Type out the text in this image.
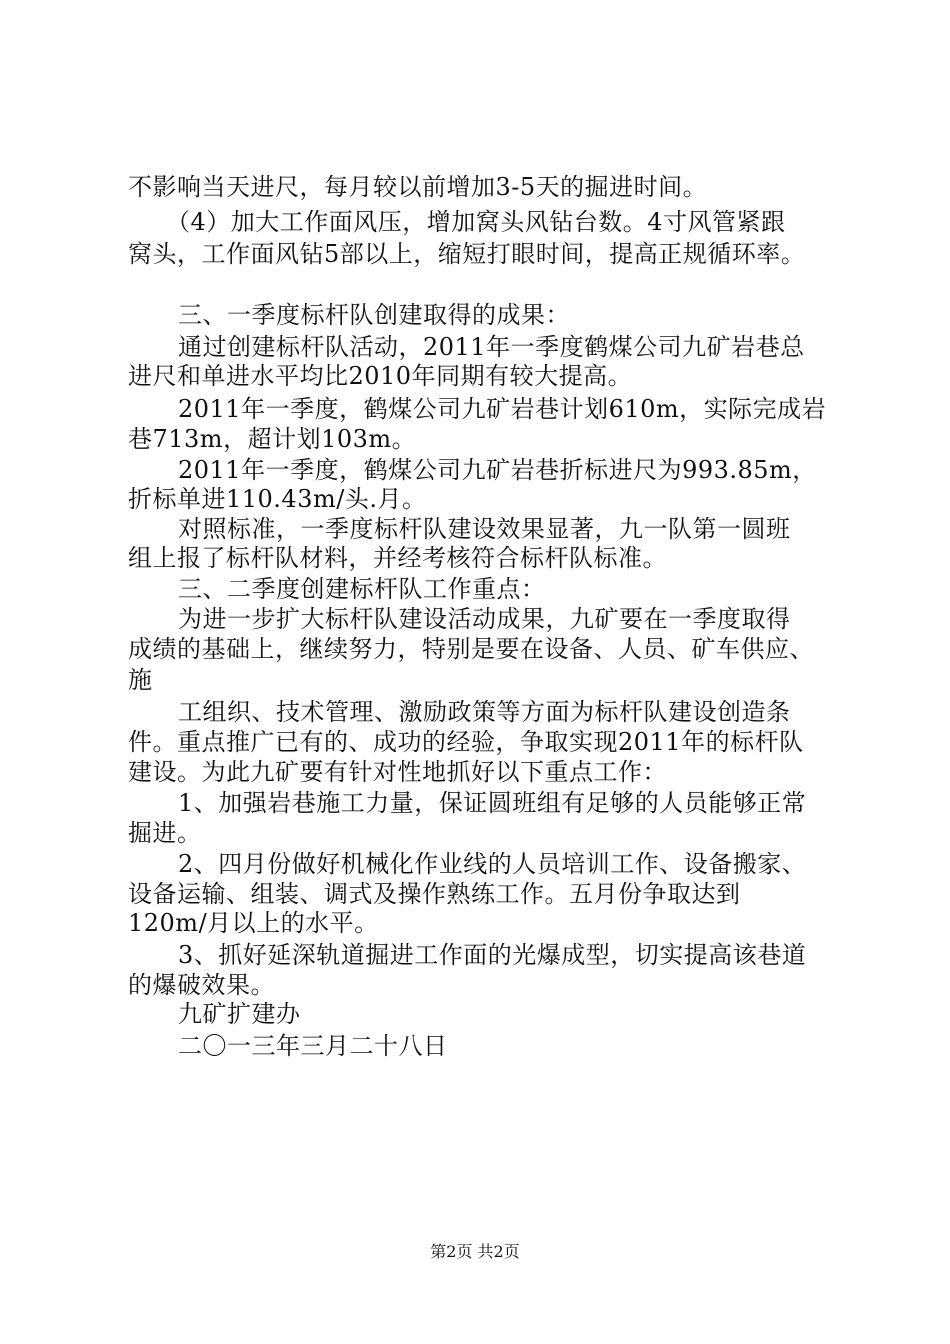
不影响当天进尺，每月较以前增加3-5天的掘进时间。
（4）加大工作面风压，增加窝头风钻台数。4寸风管紧跟
窝头，工作面风钻5部以上，缩短打眼时间，提高正规循环率。
三、一季度标杆队创建取得的成果：
通过创建标杆队活动，2011年一季度鹤煤公司九矿岩巷总
进尺和单进水平均比2010年同期有较大提高。
2011年一季度，鹤煤公司九矿岩巷计划610m，实际完成岩
巷713m，超计划103m。
2011年一季度，鹤煤公司九矿岩巷折标进尺为993.85m，
折标单进110.43m/头.月。
对照标准，一季度标杆队建设效果显著，九一队第一圆班
组上报了标杆队材料，并经考核符合标杆队标准。
三、二季度创建标杆队工作重点：
为进一步扩大标杆队建设活动成果，九矿要在一季度取得
成绩的基础上，继续努力，特别是要在设备、人员、矿车供应、
施
工组织、技术管理、激励政策等方面为标杆队建设创造条
件。重点推广已有的、成功的经验，争取实现2011年的标杆队
建设。为此九矿要有针对性地抓好以下重点工作：
1、加强岩巷施工力量，保证圆班组有足够的人员能够正常
掘进。
2、四月份做好机械化作业线的人员培训工作、设备搬家、
设备运输、组装、调式及操作熟练工作。五月份争取达到
120m/月以上的水平。
3、抓好延深轨道掘进工作面的光爆成型，切实提高该巷道
的爆破效果。
九矿扩建办
二〇一三年三月二十八日
第2页 共2页
